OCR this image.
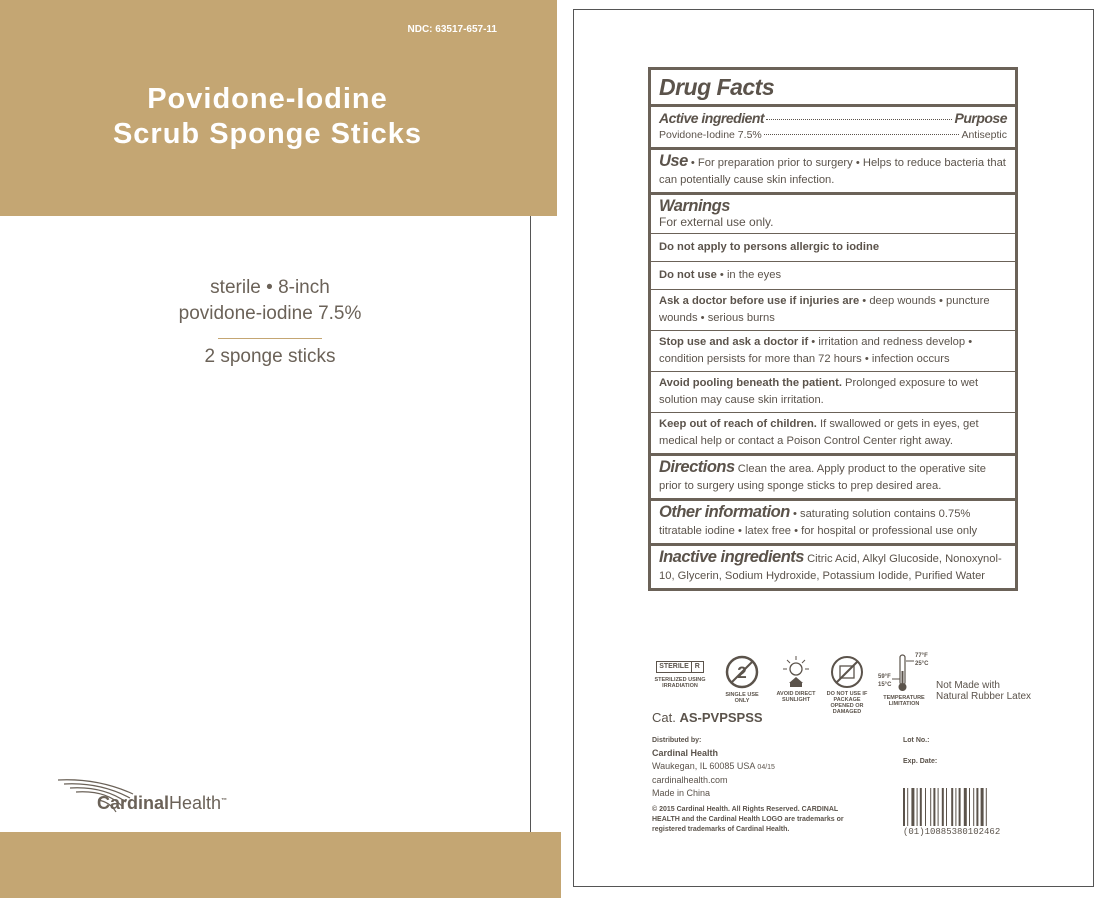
NDC: 63517-657-11
Povidone-Iodine
Scrub Sponge Sticks
sterile • 8-inch
povidone-iodine 7.5%
2 sponge sticks
CardinalHealth™
Drug Facts
Active ingredient	Purpose
Povidone-Iodine 7.5%	Antiseptic
Use • For preparation prior to surgery • Helps to reduce bacteria that can potentially cause skin infection.
Warnings
For external use only.
Do not apply to persons allergic to iodine
Do not use • in the eyes
Ask a doctor before use if injuries are • deep wounds • puncture wounds • serious burns
Stop use and ask a doctor if • irritation and redness develop • condition persists for more than 72 hours • infection occurs
Avoid pooling beneath the patient. Prolonged exposure to wet solution may cause skin irritation.
Keep out of reach of children. If swallowed or gets in eyes, get medical help or contact a Poison Control Center right away.
Directions Clean the area. Apply product to the operative site prior to surgery using sponge sticks to prep desired area.
Other information • saturating solution contains 0.75% titratable iodine • latex free • for hospital or professional use only
Inactive ingredients Citric Acid, Alkyl Glucoside, Nonoxynol-10, Glycerin, Sodium Hydroxide, Potassium Iodide, Purified Water
STERILE R
STERILIZED USING IRRADIATION
2
SINGLE USE ONLY
AVOID DIRECT SUNLIGHT
DO NOT USE IF PACKAGE OPENED OR DAMAGED
77°F
25°C
59°F
15°C
TEMPERATURE LIMITATION
Not Made with
Natural Rubber Latex
Cat. AS-PVPSPSS
Distributed by:
Cardinal Health
Waukegan, IL 60085 USA 04/15
cardinalhealth.com
Made in China
© 2015 Cardinal Health. All Rights Reserved. CARDINAL HEALTH and the Cardinal Health LOGO are trademarks or registered trademarks of Cardinal Health.
Lot No.:
Exp. Date:
(01)10885380102462
